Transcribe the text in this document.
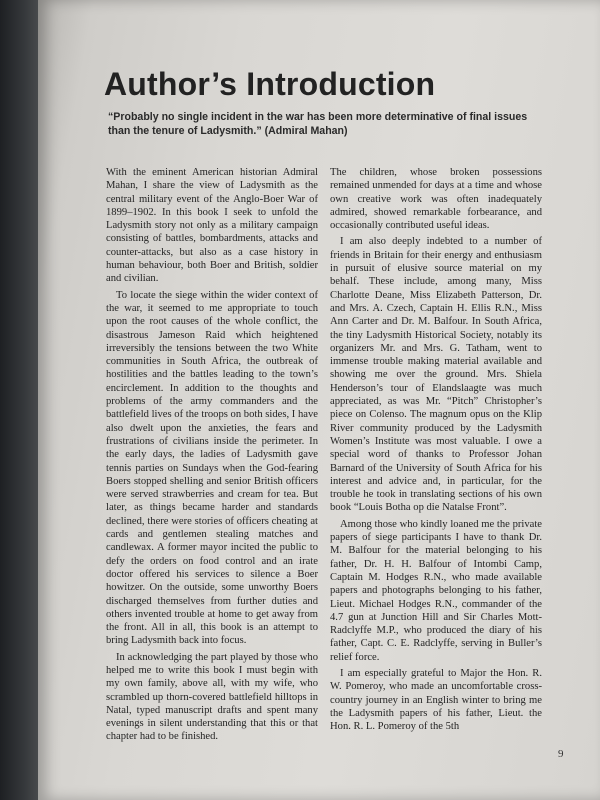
Author’s Introduction

“Probably no single incident in the war has been more determinative of final issues than the tenure of Ladysmith.” (Admiral Mahan)

With the eminent American historian Admiral Mahan, I share the view of Ladysmith as the central military event of the Anglo-Boer War of 1899–1902. In this book I seek to unfold the Ladysmith story not only as a military campaign consisting of battles, bombardments, attacks and counter-attacks, but also as a case history in human behaviour, both Boer and British, soldier and civilian.

To locate the siege within the wider context of the war, it seemed to me appropriate to touch upon the root causes of the whole conflict, the disastrous Jameson Raid which heightened irreversibly the tensions between the two White communities in South Africa, the outbreak of hostilities and the battles leading to the town’s encirclement. In addition to the thoughts and problems of the army commanders and the battlefield lives of the troops on both sides, I have also dwelt upon the anxieties, the fears and frustrations of civilians inside the perimeter. In the early days, the ladies of Ladysmith gave tennis parties on Sundays when the God-fearing Boers stopped shelling and senior British officers were served strawberries and cream for tea. But later, as things became harder and standards declined, there were stories of officers cheating at cards and gentlemen stealing matches and candlewax. A former mayor incited the public to defy the orders on food control and an irate doctor offered his services to silence a Boer howitzer. On the outside, some unworthy Boers discharged themselves from further duties and others invented trouble at home to get away from the front. All in all, this book is an attempt to bring Ladysmith back into focus.

In acknowledging the part played by those who helped me to write this book I must begin with my own family, above all, with my wife, who scrambled up thorn-covered battlefield hilltops in Natal, typed manuscript drafts and spent many evenings in silent understanding that this or that chapter had to be finished.

The children, whose broken possessions remained unmended for days at a time and whose own creative work was often inadequately admired, showed remarkable forbearance, and occasionally contributed useful ideas.

I am also deeply indebted to a number of friends in Britain for their energy and enthusiasm in pursuit of elusive source material on my behalf. These include, among many, Miss Charlotte Deane, Miss Elizabeth Patterson, Dr. and Mrs. A. Czech, Captain H. Ellis R.N., Miss Ann Carter and Dr. M. Balfour. In South Africa, the tiny Ladysmith Historical Society, notably its organizers Mr. and Mrs. G. Tatham, went to immense trouble making material available and showing me over the ground. Mrs. Shiela Henderson’s tour of Elandslaagte was much appreciated, as was Mr. “Pitch” Christopher’s piece on Colenso. The magnum opus on the Klip River community produced by the Ladysmith Women’s Institute was most valuable. I owe a special word of thanks to Professor Johan Barnard of the University of South Africa for his interest and advice and, in particular, for the trouble he took in translating sections of his own book “Louis Botha op die Natalse Front”.

Among those who kindly loaned me the private papers of siege participants I have to thank Dr. M. Balfour for the material belonging to his father, Dr. H. H. Balfour of Intombi Camp, Captain M. Hodges R.N., who made available papers and photographs belonging to his father, Lieut. Michael Hodges R.N., commander of the 4.7 gun at Junction Hill and Sir Charles Mott-Radclyffe M.P., who produced the diary of his father, Capt. C. E. Radclyffe, serving in Buller’s relief force.

I am especially grateful to Major the Hon. R. W. Pomeroy, who made an uncomfortable cross-country journey in an English winter to bring me the Ladysmith papers of his father, Lieut. the Hon. R. L. Pomeroy of the 5th

9
